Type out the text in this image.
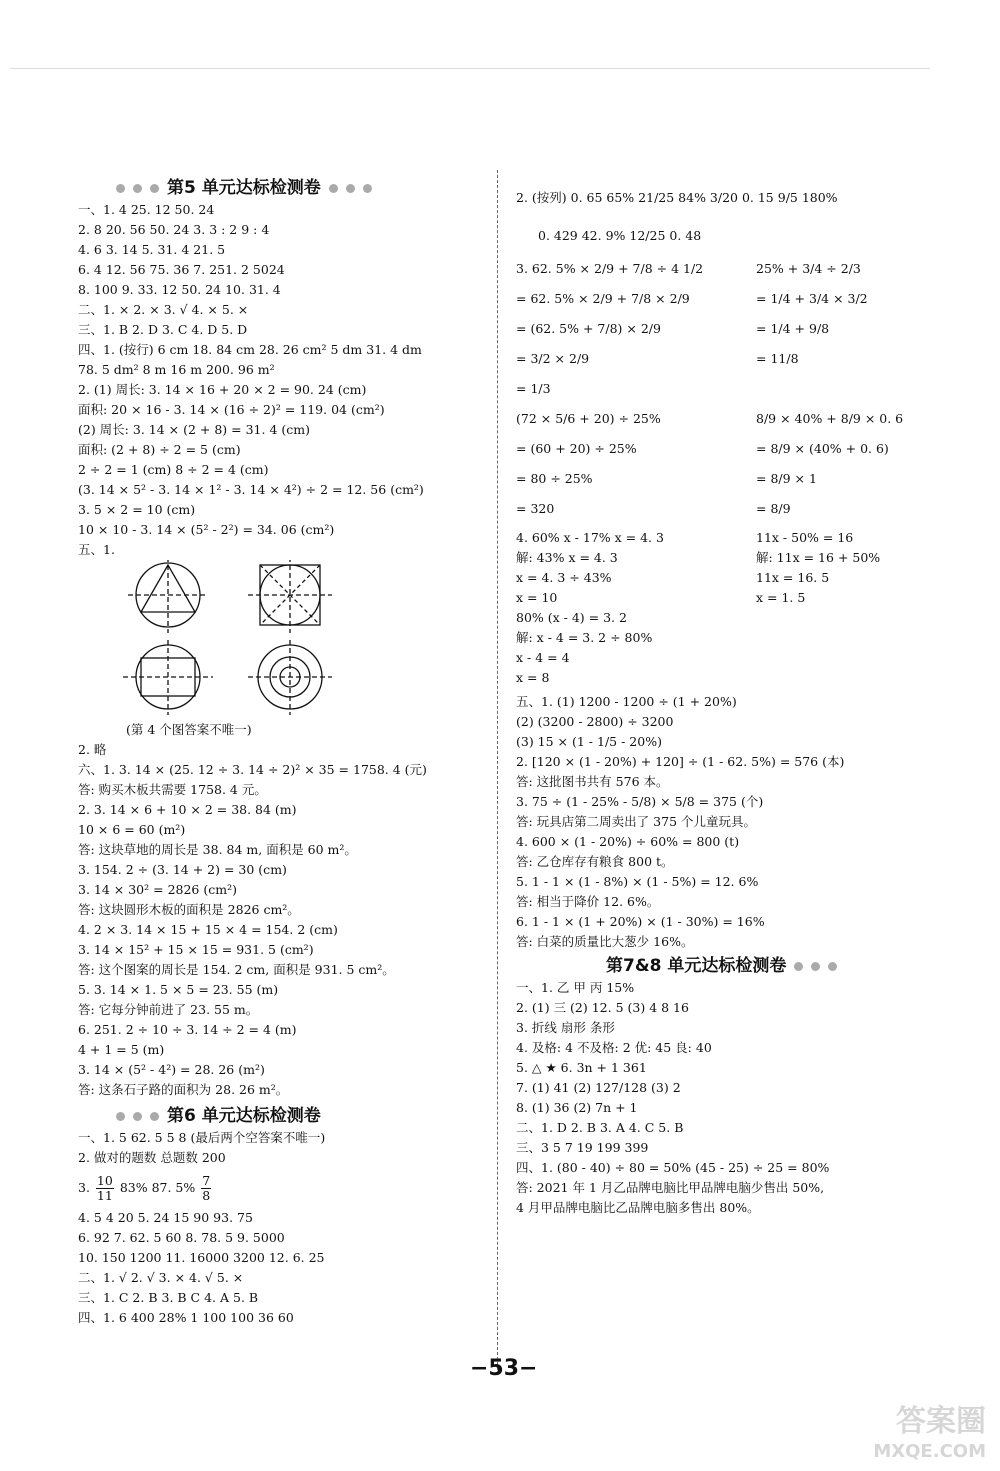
第5 单元达标检测卷
一、1. 4 25. 12 50. 24
2. 8 20. 56 50. 24 3. 3 : 2 9 : 4
4. 6 3. 14 5. 31. 4 21. 5
6. 4 12. 56 75. 36 7. 251. 2 5024
8. 100 9. 33. 12 50. 24 10. 31. 4
二、1. × 2. × 3. √ 4. × 5. ×
三、1. B 2. D 3. C 4. D 5. D
四、1. (按行) 6 cm 18. 84 cm 28. 26 cm² 5 dm 31. 4 dm
78. 5 dm² 8 m 16 m 200. 96 m²
2. (1) 周长: 3. 14 × 16 + 20 × 2 = 90. 24 (cm)
面积: 20 × 16 - 3. 14 × (16 ÷ 2)² = 119. 04 (cm²)
(2) 周长: 3. 14 × (2 + 8) = 31. 4 (cm)
面积: (2 + 8) ÷ 2 = 5 (cm)
2 ÷ 2 = 1 (cm) 8 ÷ 2 = 4 (cm)
(3. 14 × 5² - 3. 14 × 1² - 3. 14 × 4²) ÷ 2 = 12. 56 (cm²)
3. 5 × 2 = 10 (cm)
10 × 10 - 3. 14 × (5² - 2²) = 34. 06 (cm²)
五、1.
(第 4 个图答案不唯一)
2. 略
六、1. 3. 14 × (25. 12 ÷ 3. 14 ÷ 2)² × 35 = 1758. 4 (元)
答: 购买木板共需要 1758. 4 元。
2. 3. 14 × 6 + 10 × 2 = 38. 84 (m)
10 × 6 = 60 (m²)
答: 这块草地的周长是 38. 84 m, 面积是 60 m²。
3. 154. 2 ÷ (3. 14 + 2) = 30 (cm)
3. 14 × 30² = 2826 (cm²)
答: 这块圆形木板的面积是 2826 cm²。
4. 2 × 3. 14 × 15 + 15 × 4 = 154. 2 (cm)
3. 14 × 15² + 15 × 15 = 931. 5 (cm²)
答: 这个图案的周长是 154. 2 cm, 面积是 931. 5 cm²。
5. 3. 14 × 1. 5 × 5 = 23. 55 (m)
答: 它每分钟前进了 23. 55 m。
6. 251. 2 ÷ 10 ÷ 3. 14 ÷ 2 = 4 (m)
4 + 1 = 5 (m)
3. 14 × (5² - 4²) = 28. 26 (m²)
答: 这条石子路的面积为 28. 26 m²。
第6 单元达标检测卷
一、1. 5 62. 5 5 8 (最后两个空答案不唯一)
2. 做对的题数 总题数 200
3. $\frac{10}{11} 83\%$ 87. $5\% \frac{7}{8}$
4. 5 4 20 5. 24 15 90 93. 75
6. 92 7. 62. 5 60 8. 78. 5 9. 5000
10. 150 1200 11. 16000 3200 12. 6. 25
二、1. √ 2. √ 3. × 4. √ 5. ×
三、1. C 2. B 3. B C 4. A 5. B
四、1. 6 400 28% 1 100 100 36 60
2. (按列) 0. 65 65% 21/25 84% 3/20 0. 15 9/5 180%
0. 429 42. 9% 12/25 0. 48
3. 62. 5% × 2/9 + 7/8 ÷ 4 1/2	25% + 3/4 ÷ 2/3
= 62. 5% × 2/9 + 7/8 × 2/9	= 1/4 + 3/4 × 3/2
= (62. 5% + 7/8) × 2/9	= 1/4 + 9/8
= 3/2 × 2/9	= 11/8
= 1/3
(72 × 5/6 + 20) ÷ 25%	8/9 × 40% + 8/9 × 0. 6
= (60 + 20) ÷ 25%	= 8/9 × (40% + 0. 6)
= 80 ÷ 25%	= 8/9 × 1
= 320	= 8/9
4. 60% x - 17% x = 4. 3	11x - 50% = 16
解: 43% x = 4. 3	解: 11x = 16 + 50%
x = 4. 3 ÷ 43%	11x = 16. 5
x = 10	x = 1. 5
80% (x - 4) = 3. 2
解: x - 4 = 3. 2 ÷ 80%
x - 4 = 4
x = 8
五、1. (1) 1200 - 1200 ÷ (1 + 20%)
(2) (3200 - 2800) ÷ 3200
(3) 15 × (1 - 1/5 - 20%)
2. [120 × (1 - 20%) + 120] ÷ (1 - 62. 5%) = 576 (本)
答: 这批图书共有 576 本。
3. 75 ÷ (1 - 25% - 5/8) × 5/8 = 375 (个)
答: 玩具店第二周卖出了 375 个儿童玩具。
4. 600 × (1 - 20%) ÷ 60% = 800 (t)
答: 乙仓库存有粮食 800 t。
5. 1 - 1 × (1 - 8%) × (1 - 5%) = 12. 6%
答: 相当于降价 12. 6%。
6. 1 - 1 × (1 + 20%) × (1 - 30%) = 16%
答: 白菜的质量比大葱少 16%。
第7&8 单元达标检测卷
一、1. 乙 甲 丙 15%
2. (1) 三 (2) 12. 5 (3) 4 8 16
3. 折线 扇形 条形
4. 及格: 4 不及格: 2 优: 45 良: 40
5. △ ★ 6. 3n + 1 361
7. (1) 41 (2) 127/128 (3) 2
8. (1) 36 (2) 7n + 1
二、1. D 2. B 3. A 4. C 5. B
三、3 5 7 19 199 399
四、1. (80 - 40) ÷ 80 = 50% (45 - 25) ÷ 25 = 80%
答: 2021 年 1 月乙品牌电脑比甲品牌电脑少售出 50%,
4 月甲品牌电脑比乙品牌电脑多售出 80%。
−53−
答案圈
MXQE.COM
